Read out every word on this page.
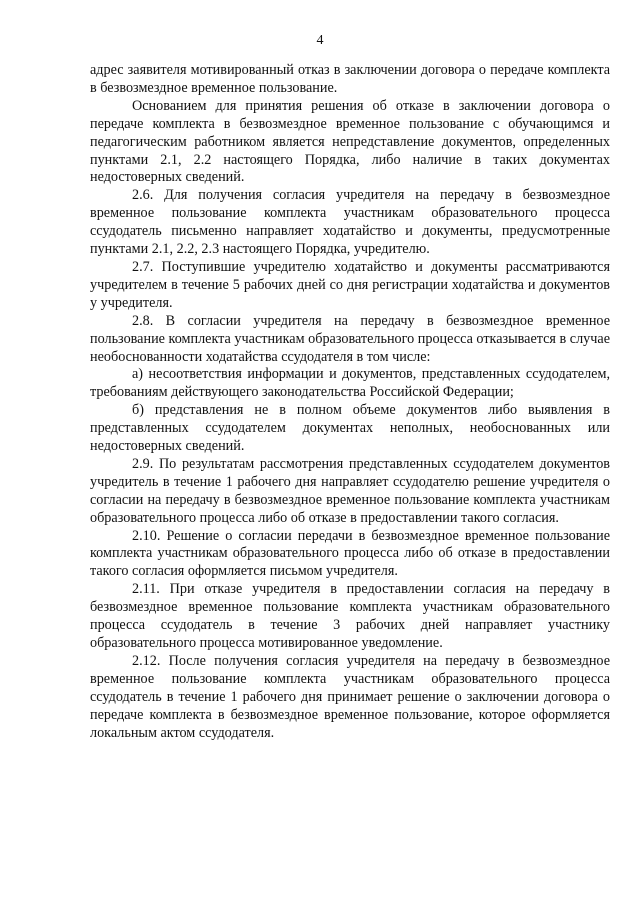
4

адрес заявителя мотивированный отказ в заключении договора о передаче комплекта в безвозмездное временное пользование.

Основанием для принятия решения об отказе в заключении договора о передаче комплекта в безвозмездное временное пользование с обучающимся и педагогическим работником является непредставление документов, определенных пунктами 2.1, 2.2 настоящего Порядка, либо наличие в таких документах недостоверных сведений.

2.6. Для получения согласия учредителя на передачу в безвозмездное временное пользование комплекта участникам образовательного процесса ссудодатель письменно направляет ходатайство и документы, предусмотренные пунктами 2.1, 2.2, 2.3 настоящего Порядка, учредителю.

2.7. Поступившие учредителю ходатайство и документы рассматриваются учредителем в течение 5 рабочих дней со дня регистрации ходатайства и документов у учредителя.

2.8. В согласии учредителя на передачу в безвозмездное временное пользование комплекта участникам образовательного процесса отказывается в случае необоснованности ходатайства ссудодателя в том числе:

а) несоответствия информации и документов, представленных ссудодателем, требованиям действующего законодательства Российской Федерации;

б) представления не в полном объеме документов либо выявления в представленных ссудодателем документах неполных, необоснованных или недостоверных сведений.

2.9. По результатам рассмотрения представленных ссудодателем документов учредитель в течение 1 рабочего дня направляет ссудодателю решение учредителя о согласии на передачу в безвозмездное временное пользование комплекта участникам образовательного процесса либо об отказе в предоставлении такого согласия.

2.10. Решение о согласии передачи в безвозмездное временное пользование комплекта участникам образовательного процесса либо об отказе в предоставлении такого согласия оформляется письмом учредителя.

2.11. При отказе учредителя в предоставлении согласия на передачу в безвозмездное временное пользование комплекта участникам образовательного процесса ссудодатель в течение 3 рабочих дней направляет участнику образовательного процесса мотивированное уведомление.

2.12. После получения согласия учредителя на передачу в безвозмездное временное пользование комплекта участникам образовательного процесса ссудодатель в течение 1 рабочего дня принимает решение о заключении договора о передаче комплекта в безвозмездное временное пользование, которое оформляется локальным актом ссудодателя.
